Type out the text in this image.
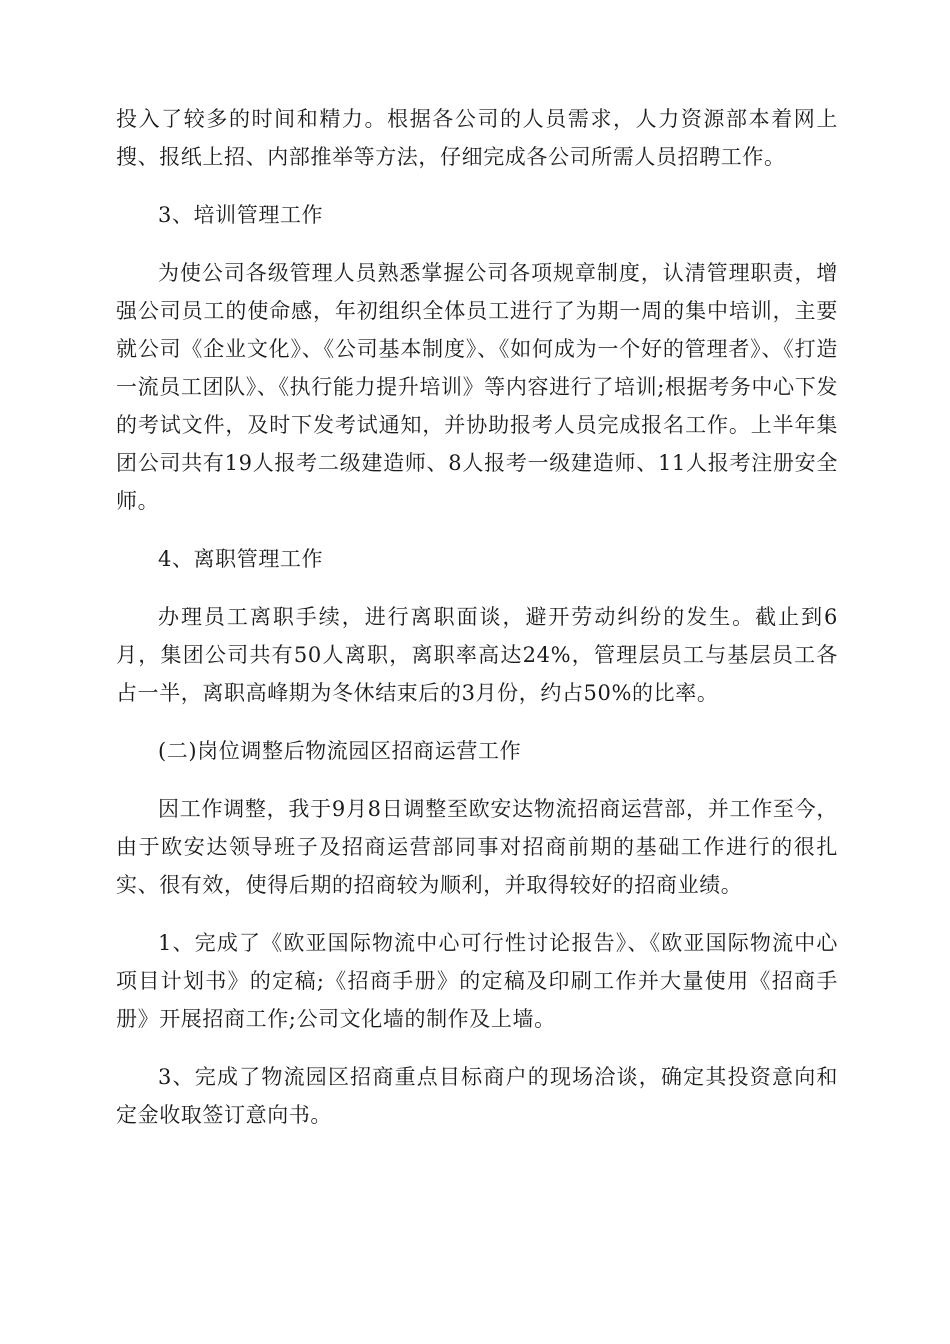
投入了较多的时间和精力。根据各公司的人员需求，人力资源部本着网上搜、报纸上招、内部推举等方法，仔细完成各公司所需人员招聘工作。

3、培训管理工作

为使公司各级管理人员熟悉掌握公司各项规章制度，认清管理职责，增强公司员工的使命感，年初组织全体员工进行了为期一周的集中培训，主要就公司《企业文化》、《公司基本制度》、《如何成为一个好的管理者》、《打造一流员工团队》、《执行能力提升培训》等内容进行了培训;根据考务中心下发的考试文件，及时下发考试通知，并协助报考人员完成报名工作。上半年集团公司共有19人报考二级建造师、8人报考一级建造师、11人报考注册安全师。

4、离职管理工作

办理员工离职手续，进行离职面谈，避开劳动纠纷的发生。截止到6月，集团公司共有50人离职，离职率高达24%，管理层员工与基层员工各占一半，离职高峰期为冬休结束后的3月份，约占50%的比率。

(二)岗位调整后物流园区招商运营工作

因工作调整，我于9月8日调整至欧安达物流招商运营部，并工作至今，由于欧安达领导班子及招商运营部同事对招商前期的基础工作进行的很扎实、很有效，使得后期的招商较为顺利，并取得较好的招商业绩。

1、完成了《欧亚国际物流中心可行性讨论报告》、《欧亚国际物流中心项目计划书》的定稿;《招商手册》的定稿及印刷工作并大量使用《招商手册》开展招商工作;公司文化墙的制作及上墙。

3、完成了物流园区招商重点目标商户的现场洽谈，确定其投资意向和定金收取签订意向书。
